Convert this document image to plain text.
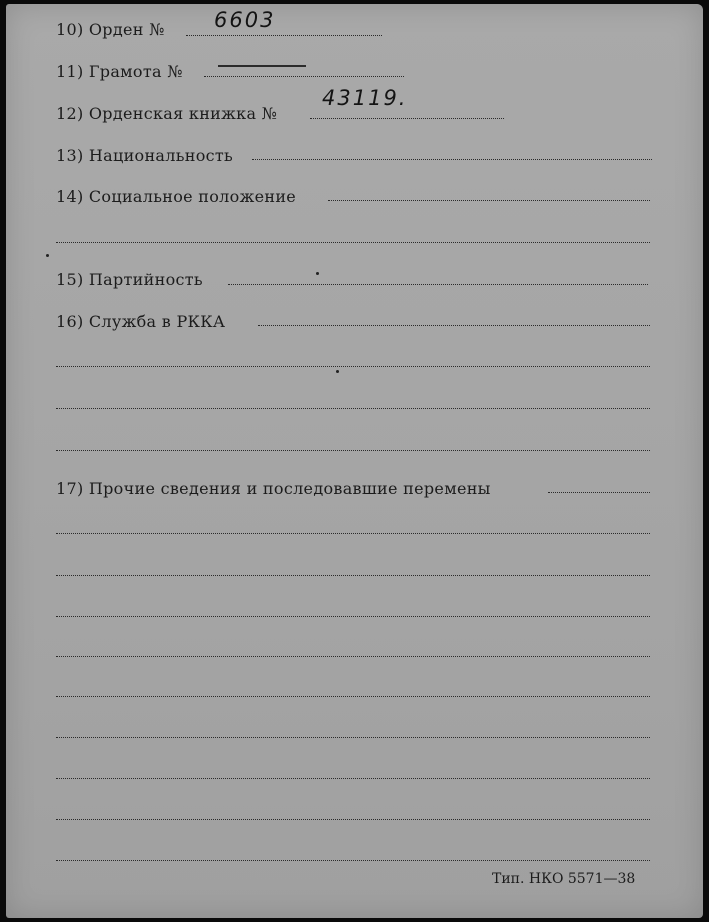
10) Орден № 6603
11) Грамота №
12) Орденская книжка №
43119.
13) Национальность
14) Социальное положение
15) Партийность
16) Служба в РККА
17) Прочие сведения и последовавшие перемены
Тип. НКО 5571—38
